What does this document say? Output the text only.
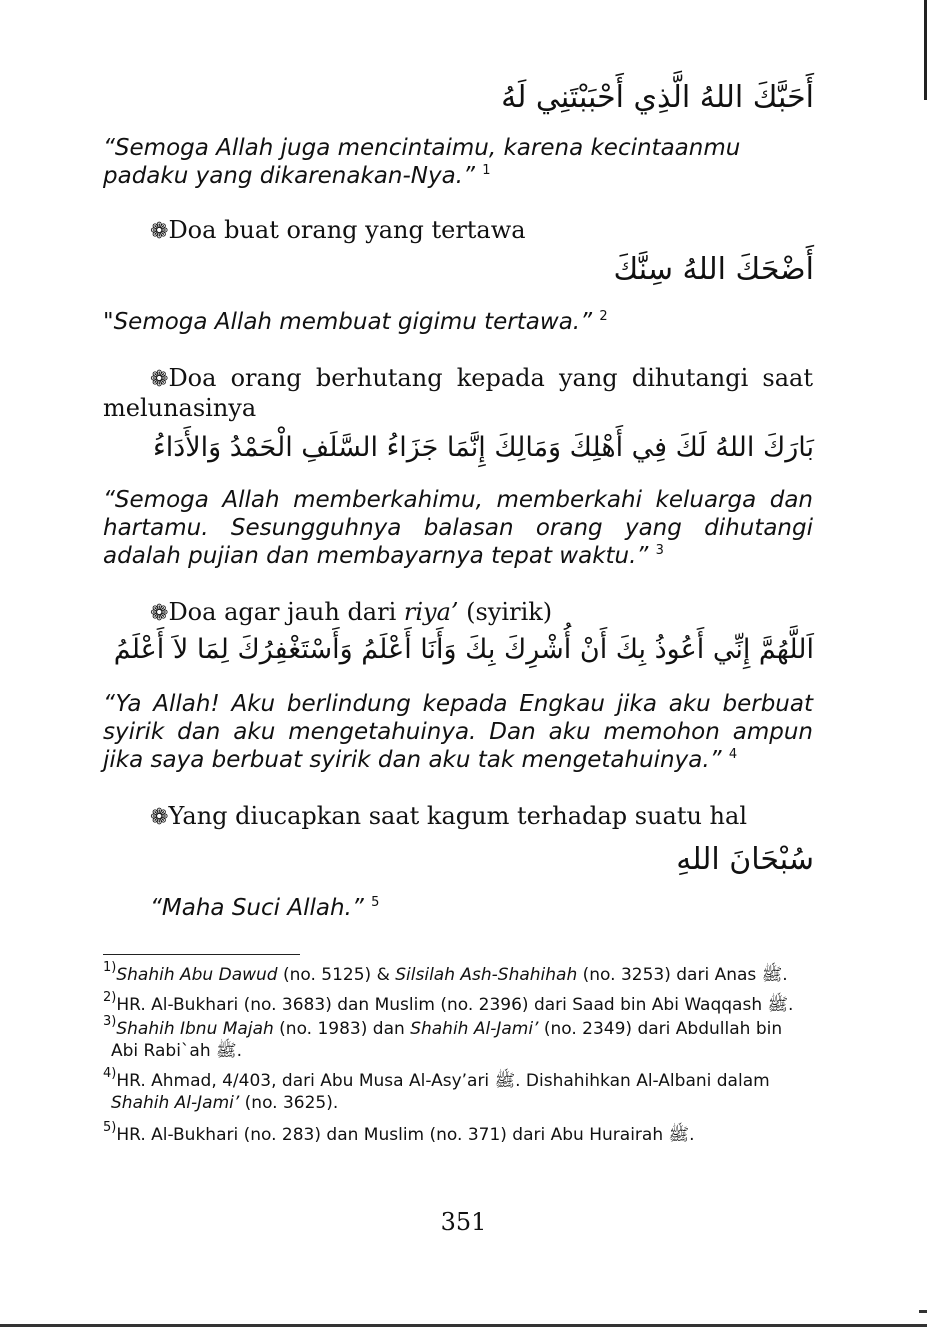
أَحَبَّكَ اللهُ الَّذِي أَحْبَبْتَنِي لَهُ
“Semoga Allah juga mencintaimu, karena kecintaanmu padaku yang dikarenakan-Nya.” $^1$
❁Doa buat orang yang tertawa
أَضْحَكَ اللهُ سِنَّكَ
"Semoga Allah membuat gigimu tertawa.” $^2$
❁Doa orang berhutang kepada yang dihutangi saat
melunasinya
بَارَكَ اللهُ لَكَ فِي أَهْلِكَ وَمَالِكَ إِنَّمَا جَزَاءُ السَّلَفِ الْحَمْدُ وَالأَدَاءُ
“Semoga Allah memberkahimu, memberkahi keluarga dan hartamu. Sesungguhnya balasan orang yang dihutangi adalah pujian dan membayarnya tepat waktu.” $^3$
❁Doa agar jauh dari riya’ (syirik)
اَللَّهُمَّ إِنِّي أَعُوذُ بِكَ أَنْ أُشْرِكَ بِكَ وَأَنَا أَعْلَمُ وَأَسْتَغْفِرُكَ لِمَا لاَ أَعْلَمُ
“Ya Allah! Aku berlindung kepada Engkau jika aku berbuat syirik dan aku mengetahuinya. Dan aku memohon ampun jika saya berbuat syirik dan aku tak mengetahuinya.” $^4$
❁Yang diucapkan saat kagum terhadap suatu hal
سُبْحَانَ اللهِ
“Maha Suci Allah.” $^5$
$^{1)}$Shahih Abu Dawud (no. 5125) & Silsilah Ash-Shahihah (no. 3253) dari Anas ﷺ.
$^{2)}$HR. Al-Bukhari (no. 3683) dan Muslim (no. 2396) dari Saad bin Abi Waqqash ﷺ.
$^{3)}$Shahih Ibnu Majah (no. 1983) dan Shahih Al-Jami’ (no. 2349) dari Abdullah bin
Abi Rabi`ah ﷺ.
$^{4)}$HR. Ahmad, 4/403, dari Abu Musa Al-Asy’ari ﷺ. Dishahihkan Al-Albani dalam
Shahih Al-Jami’ (no. 3625).
$^{5)}$HR. Al-Bukhari (no. 283) dan Muslim (no. 371) dari Abu Hurairah ﷺ.
351
